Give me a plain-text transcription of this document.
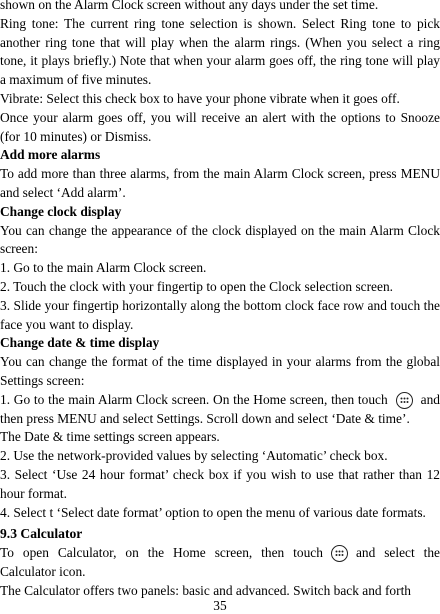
shown on the Alarm Clock screen without any days under the set time.

Ring tone: The current ring tone selection is shown. Select Ring tone to pick another ring tone that will play when the alarm rings. (When you select a ring tone, it plays briefly.) Note that when your alarm goes off, the ring tone will play a maximum of five minutes.

Vibrate: Select this check box to have your phone vibrate when it goes off.

Once your alarm goes off, you will receive an alert with the options to Snooze (for 10 minutes) or Dismiss.

Add more alarms

To add more than three alarms, from the main Alarm Clock screen, press MENU and select ‘Add alarm’.

Change clock display

You can change the appearance of the clock displayed on the main Alarm Clock screen:

1. Go to the main Alarm Clock screen.

2. Touch the clock with your fingertip to open the Clock selection screen.

3. Slide your fingertip horizontally along the bottom clock face row and touch the face you want to display.

Change date & time display

You can change the format of the time displayed in your alarms from the global Settings screen:

1. Go to the main Alarm Clock screen. On the Home screen, then touch and then press MENU and select Settings. Scroll down and select ‘Date & time’.

The Date & time settings screen appears.

2. Use the network-provided values by selecting ‘Automatic’ check box.

3. Select ‘Use 24 hour format’ check box if you wish to use that rather than 12 hour format.

4. Select t ‘Select date format’ option to open the menu of various date formats.

9.3 Calculator

To open Calculator, on the Home screen, then touch and select the Calculator icon.

The Calculator offers two panels: basic and advanced. Switch back and forth

35
